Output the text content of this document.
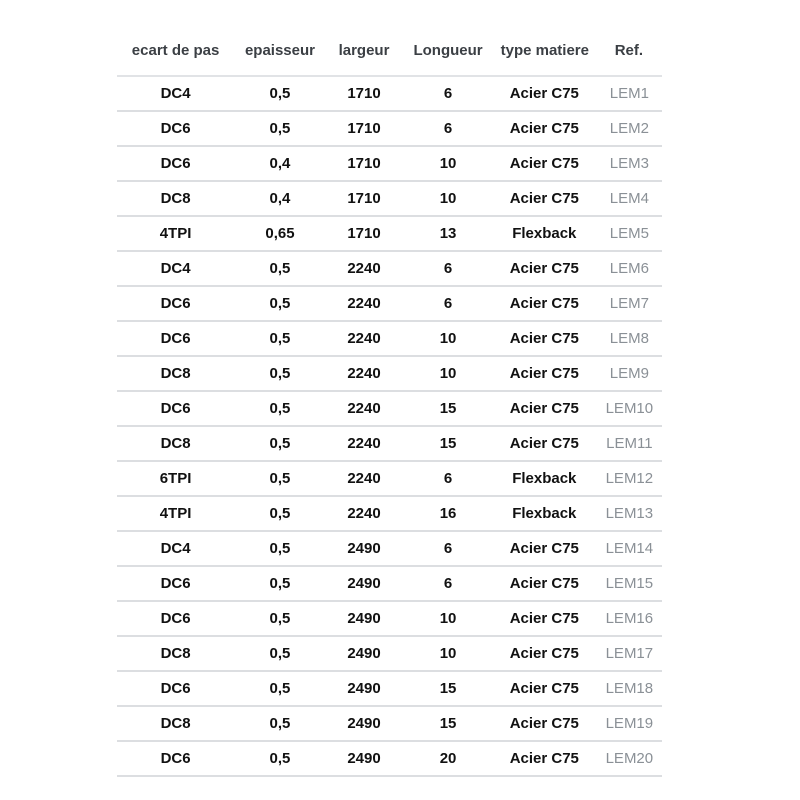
ecart de pas	epaisseur	largeur	Longueur	type matiere	Ref.
DC4	0,5	1710	6	Acier C75	LEM1
DC6	0,5	1710	6	Acier C75	LEM2
DC6	0,4	1710	10	Acier C75	LEM3
DC8	0,4	1710	10	Acier C75	LEM4
4TPI	0,65	1710	13	Flexback	LEM5
DC4	0,5	2240	6	Acier C75	LEM6
DC6	0,5	2240	6	Acier C75	LEM7
DC6	0,5	2240	10	Acier C75	LEM8
DC8	0,5	2240	10	Acier C75	LEM9
DC6	0,5	2240	15	Acier C75	LEM10
DC8	0,5	2240	15	Acier C75	LEM11
6TPI	0,5	2240	6	Flexback	LEM12
4TPI	0,5	2240	16	Flexback	LEM13
DC4	0,5	2490	6	Acier C75	LEM14
DC6	0,5	2490	6	Acier C75	LEM15
DC6	0,5	2490	10	Acier C75	LEM16
DC8	0,5	2490	10	Acier C75	LEM17
DC6	0,5	2490	15	Acier C75	LEM18
DC8	0,5	2490	15	Acier C75	LEM19
DC6	0,5	2490	20	Acier C75	LEM20
